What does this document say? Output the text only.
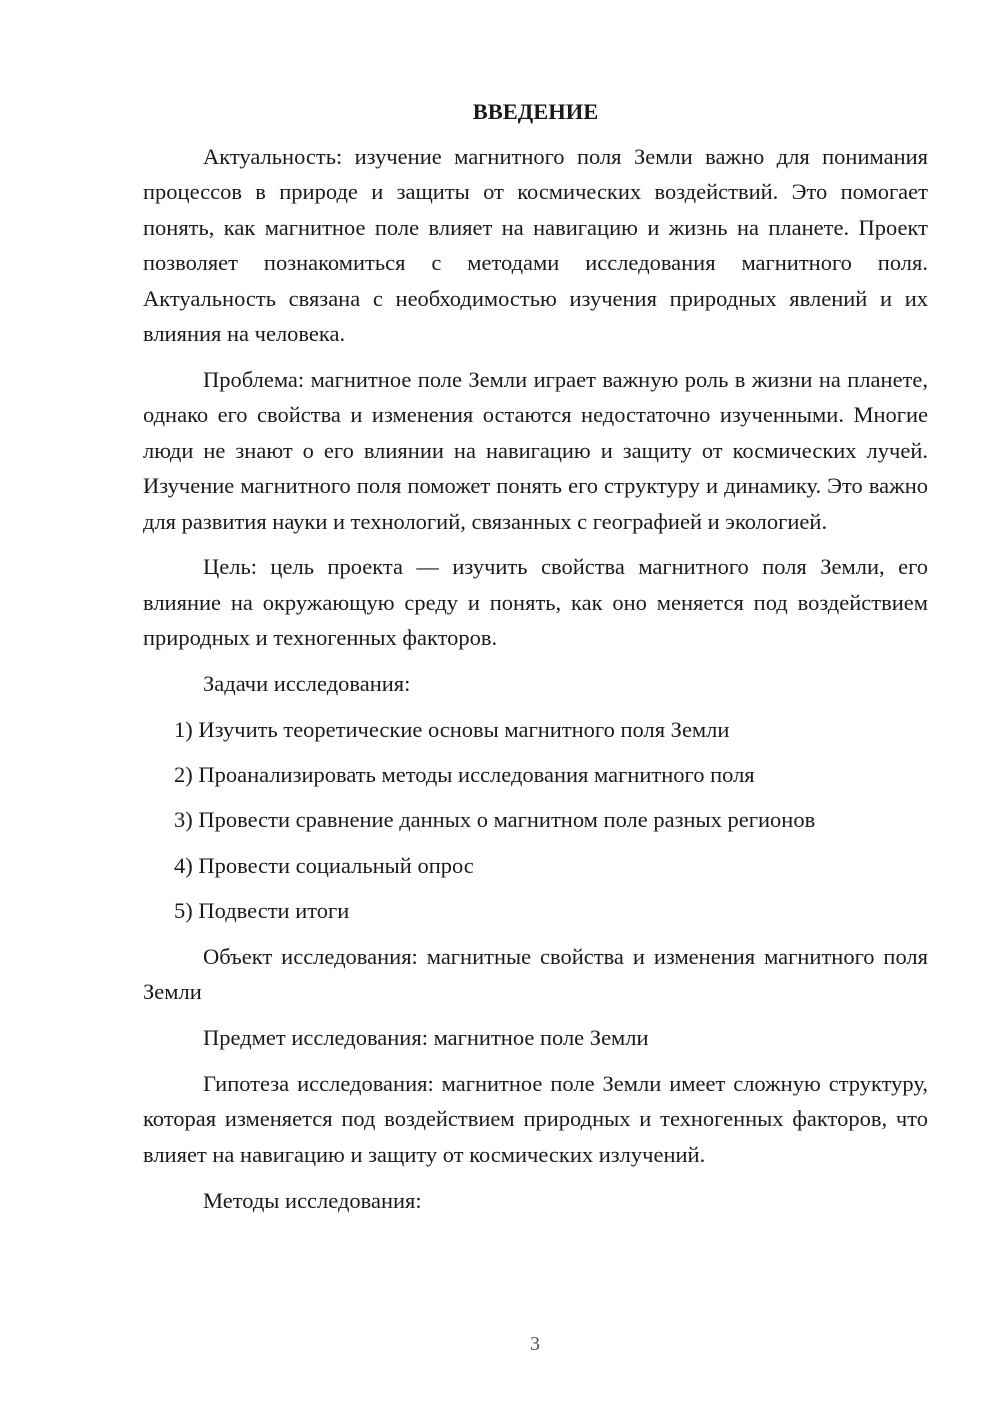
ВВЕДЕНИЕ

Актуальность: изучение магнитного поля Земли важно для понимания процессов в природе и защиты от космических воздействий. Это помогает понять, как магнитное поле влияет на навигацию и жизнь на планете. Проект позволяет познакомиться с методами исследования магнитного поля. Актуальность связана с необходимостью изучения природных явлений и их влияния на человека.

Проблема: магнитное поле Земли играет важную роль в жизни на планете, однако его свойства и изменения остаются недостаточно изученными. Многие люди не знают о его влиянии на навигацию и защиту от космических лучей. Изучение магнитного поля поможет понять его структуру и динамику. Это важно для развития науки и технологий, связанных с географией и экологией.

Цель: цель проекта — изучить свойства магнитного поля Земли, его влияние на окружающую среду и понять, как оно меняется под воздействием природных и техногенных факторов.

Задачи исследования:

1) Изучить теоретические основы магнитного поля Земли
2) Проанализировать методы исследования магнитного поля
3) Провести сравнение данных о магнитном поле разных регионов
4) Провести социальный опрос
5) Подвести итоги

Объект исследования: магнитные свойства и изменения магнитного поля Земли

Предмет исследования: магнитное поле Земли

Гипотеза исследования: магнитное поле Земли имеет сложную структуру, которая изменяется под воздействием природных и техногенных факторов, что влияет на навигацию и защиту от космических излучений.

Методы исследования:

3
